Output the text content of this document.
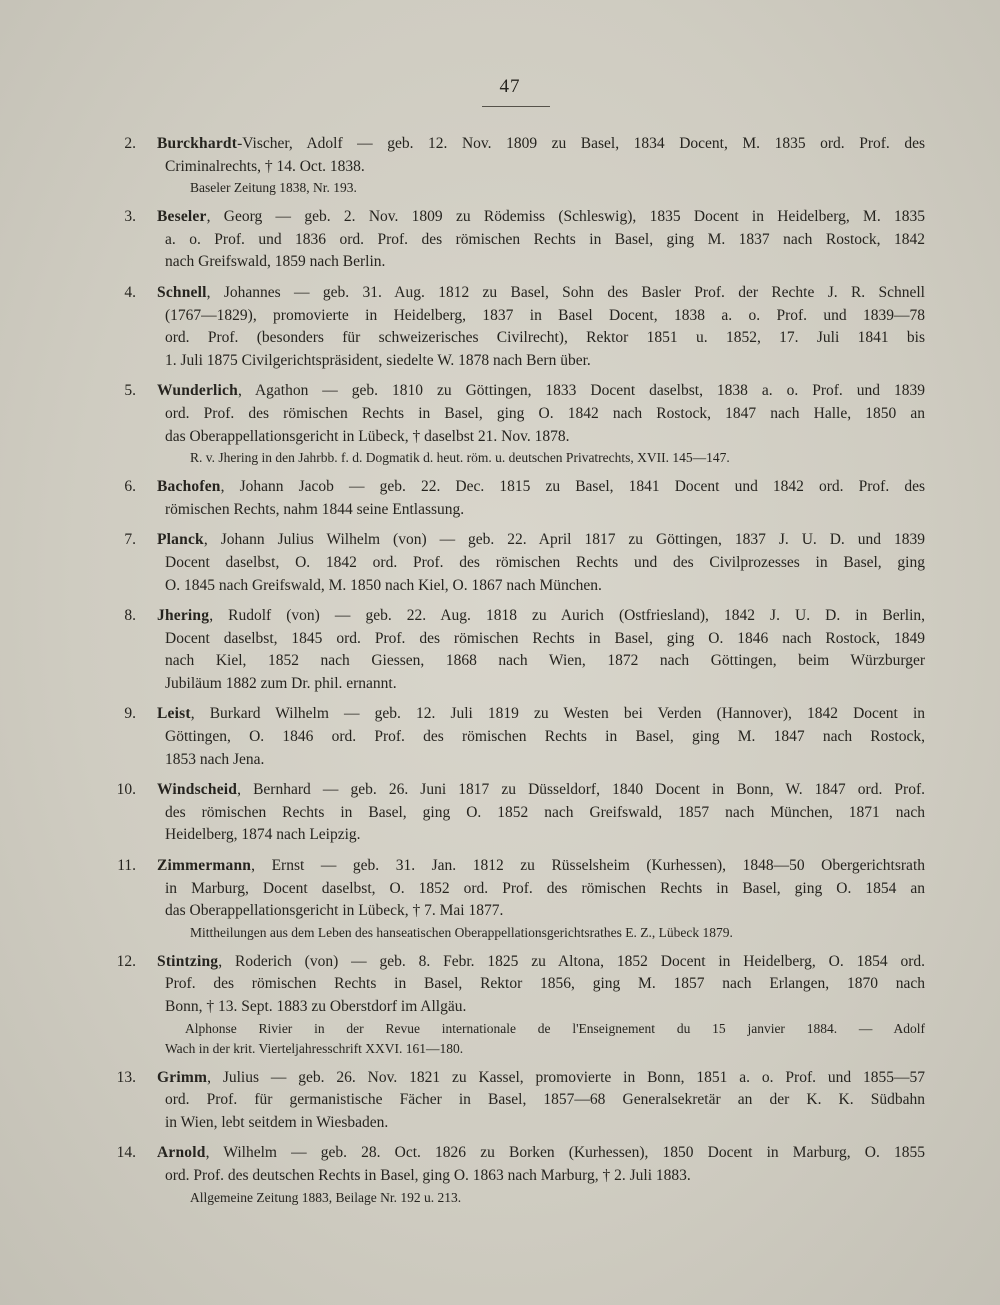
47
2. Burckhardt-Vischer, Adolf — geb. 12. Nov. 1809 zu Basel, 1834 Docent, M. 1835 ord. Prof. des
Criminalrechts, † 14. Oct. 1838.
Baseler Zeitung 1838, Nr. 193.
3. Beseler, Georg — geb. 2. Nov. 1809 zu Rödemiss (Schleswig), 1835 Docent in Heidelberg, M. 1835
a. o. Prof. und 1836 ord. Prof. des römischen Rechts in Basel, ging M. 1837 nach Rostock, 1842
nach Greifswald, 1859 nach Berlin.
4. Schnell, Johannes — geb. 31. Aug. 1812 zu Basel, Sohn des Basler Prof. der Rechte J. R. Schnell
(1767—1829), promovierte in Heidelberg, 1837 in Basel Docent, 1838 a. o. Prof. und 1839—78
ord. Prof. (besonders für schweizerisches Civilrecht), Rektor 1851 u. 1852, 17. Juli 1841 bis
1. Juli 1875 Civilgerichtspräsident, siedelte W. 1878 nach Bern über.
5. Wunderlich, Agathon — geb. 1810 zu Göttingen, 1833 Docent daselbst, 1838 a. o. Prof. und 1839
ord. Prof. des römischen Rechts in Basel, ging O. 1842 nach Rostock, 1847 nach Halle, 1850 an
das Oberappellationsgericht in Lübeck, † daselbst 21. Nov. 1878.
R. v. Jhering in den Jahrbb. f. d. Dogmatik d. heut. röm. u. deutschen Privatrechts, XVII. 145—147.
6. Bachofen, Johann Jacob — geb. 22. Dec. 1815 zu Basel, 1841 Docent und 1842 ord. Prof. des
römischen Rechts, nahm 1844 seine Entlassung.
7. Planck, Johann Julius Wilhelm (von) — geb. 22. April 1817 zu Göttingen, 1837 J. U. D. und 1839
Docent daselbst, O. 1842 ord. Prof. des römischen Rechts und des Civilprozesses in Basel, ging
O. 1845 nach Greifswald, M. 1850 nach Kiel, O. 1867 nach München.
8. Jhering, Rudolf (von) — geb. 22. Aug. 1818 zu Aurich (Ostfriesland), 1842 J. U. D. in Berlin,
Docent daselbst, 1845 ord. Prof. des römischen Rechts in Basel, ging O. 1846 nach Rostock, 1849
nach Kiel, 1852 nach Giessen, 1868 nach Wien, 1872 nach Göttingen, beim Würzburger
Jubiläum 1882 zum Dr. phil. ernannt.
9. Leist, Burkard Wilhelm — geb. 12. Juli 1819 zu Westen bei Verden (Hannover), 1842 Docent in
Göttingen, O. 1846 ord. Prof. des römischen Rechts in Basel, ging M. 1847 nach Rostock,
1853 nach Jena.
10. Windscheid, Bernhard — geb. 26. Juni 1817 zu Düsseldorf, 1840 Docent in Bonn, W. 1847 ord. Prof.
des römischen Rechts in Basel, ging O. 1852 nach Greifswald, 1857 nach München, 1871 nach
Heidelberg, 1874 nach Leipzig.
11. Zimmermann, Ernst — geb. 31. Jan. 1812 zu Rüsselsheim (Kurhessen), 1848—50 Obergerichtsrath
in Marburg, Docent daselbst, O. 1852 ord. Prof. des römischen Rechts in Basel, ging O. 1854 an
das Oberappellationsgericht in Lübeck, † 7. Mai 1877.
Mittheilungen aus dem Leben des hanseatischen Oberappellationsgerichtsrathes E. Z., Lübeck 1879.
12. Stintzing, Roderich (von) — geb. 8. Febr. 1825 zu Altona, 1852 Docent in Heidelberg, O. 1854 ord.
Prof. des römischen Rechts in Basel, Rektor 1856, ging M. 1857 nach Erlangen, 1870 nach
Bonn, † 13. Sept. 1883 zu Oberstdorf im Allgäu.
Alphonse Rivier in der Revue internationale de l'Enseignement du 15 janvier 1884. — Adolf
Wach in der krit. Vierteljahresschrift XXVI. 161—180.
13. Grimm, Julius — geb. 26. Nov. 1821 zu Kassel, promovierte in Bonn, 1851 a. o. Prof. und 1855—57
ord. Prof. für germanistische Fächer in Basel, 1857—68 Generalsekretär an der K. K. Südbahn
in Wien, lebt seitdem in Wiesbaden.
14. Arnold, Wilhelm — geb. 28. Oct. 1826 zu Borken (Kurhessen), 1850 Docent in Marburg, O. 1855
ord. Prof. des deutschen Rechts in Basel, ging O. 1863 nach Marburg, † 2. Juli 1883.
Allgemeine Zeitung 1883, Beilage Nr. 192 u. 213.
